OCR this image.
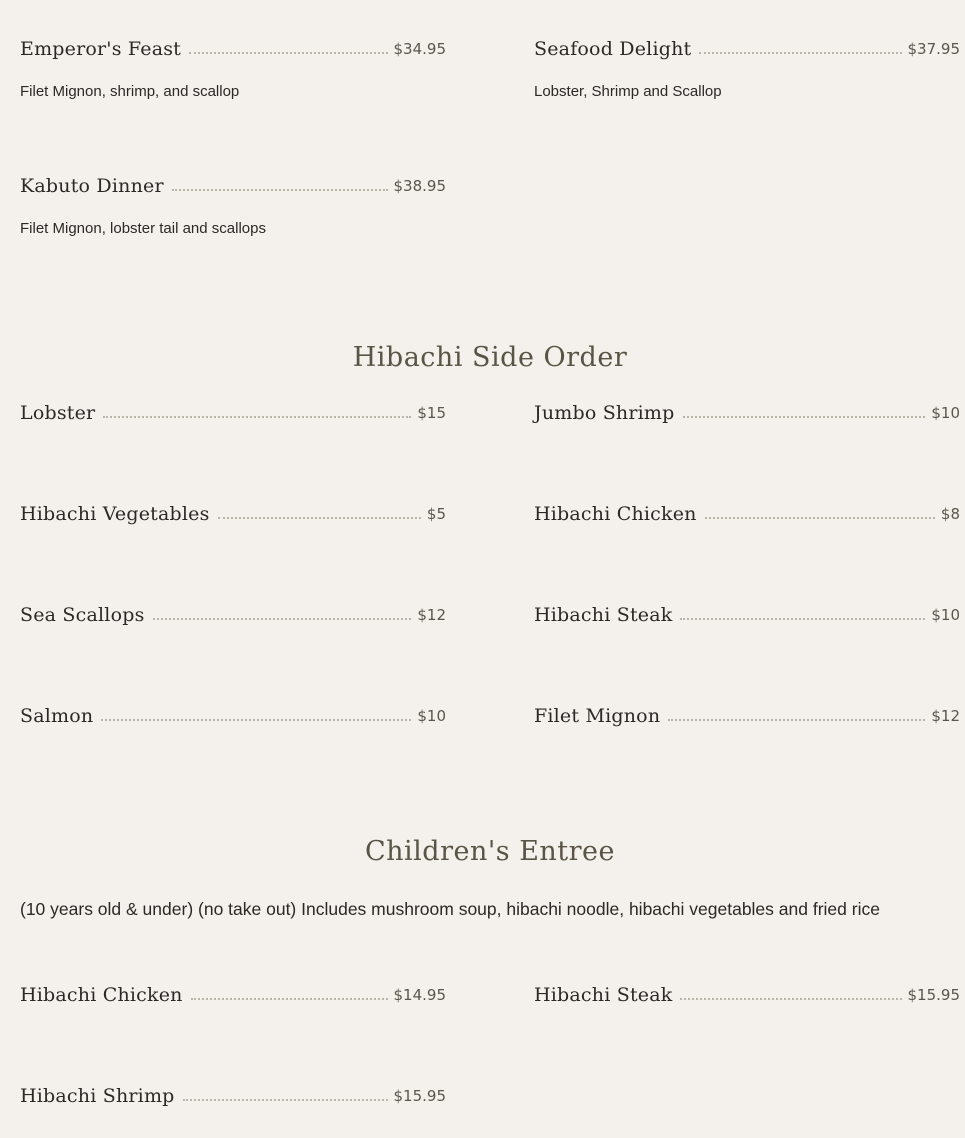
Emperor's Feast	$34.95
Filet Mignon, shrimp, and scallop
Seafood Delight	$37.95
Lobster, Shrimp and Scallop
Kabuto Dinner	$38.95
Filet Mignon, lobster tail and scallops
Hibachi Side Order
Lobster	$15	Jumbo Shrimp	$10
Hibachi Vegetables	$5	Hibachi Chicken	$8
Sea Scallops	$12	Hibachi Steak	$10
Salmon	$10	Filet Mignon	$12
Children's Entree
(10 years old & under) (no take out) Includes mushroom soup, hibachi noodle, hibachi vegetables and fried rice
Hibachi Chicken	$14.95	Hibachi Steak	$15.95
Hibachi Shrimp	$15.95
